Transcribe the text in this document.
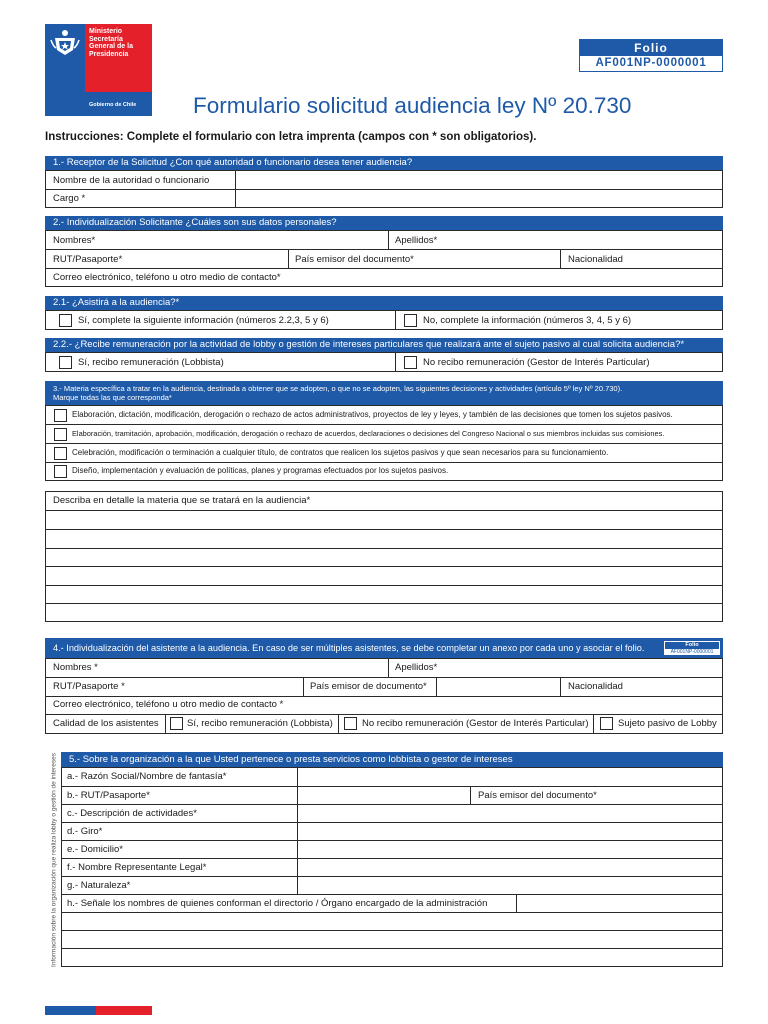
Ministerio
Secretaría
General de la
Presidencia
Gobierno de Chile
Folio
AF001NP-0000001
Formulario solicitud audiencia ley Nº 20.730
Instrucciones: Complete el formulario con letra imprenta (campos con * son obligatorios).
1.- Receptor de la Solicitud ¿Con qué autoridad o funcionario desea tener audiencia?
Nombre de la autoridad o funcionario
Cargo *
2.- Individualización Solicitante ¿Cuáles son sus datos personales?
Nombres*	Apellidos*
RUT/Pasaporte*	País emisor del documento*	Nacionalidad
Correo electrónico, teléfono u otro medio de contacto*
2.1- ¿Asistirá a la audiencia?*
Sí, complete la siguiente información (números 2.2,3, 5 y 6)	No, complete la información (números 3, 4, 5 y 6)
2.2.- ¿Recibe remuneración por la actividad de lobby o gestión de intereses particulares que realizará ante el sujeto pasivo al cual solicita audiencia?*
Sí, recibo remuneración (Lobbista)	No recibo remuneración (Gestor de Interés Particular)
3.- Materia específica a tratar en la audiencia, destinada a obtener que se adopten, o que no se adopten, las siguientes decisiones y actividades (artículo 5º ley Nº 20.730).
Marque todas las que corresponda*
Elaboración, dictación, modificación, derogación o rechazo de actos administrativos, proyectos de ley y leyes, y también de las decisiones que tomen los sujetos pasivos.
Elaboración, tramitación, aprobación, modificación, derogación o rechazo de acuerdos, declaraciones o decisiones del Congreso Nacional o sus miembros incluidas sus comisiones.
Celebración, modificación o terminación a cualquier título, de contratos que realicen los sujetos pasivos y que sean necesarios para su funcionamiento.
Diseño, implementación y evaluación de políticas, planes y programas efectuados por los sujetos pasivos.
Describa en detalle la materia que se tratará en la audiencia*
4.- Individualización del asistente a la audiencia. En caso de ser múltiples asistentes, se debe completar un anexo por cada uno y asociar el folio.	Folio
AF001NP-0000001
Nombres *	Apellidos*
RUT/Pasaporte *	País emisor de documento*	Nacionalidad
Correo electrónico, teléfono u otro medio de contacto *
Calidad de los asistentes	Sí, recibo remuneración (Lobbista)	No recibo remuneración (Gestor de Interés Particular)	Sujeto pasivo de Lobby
Información sobre la organización que realiza lobby o gestión de intereses	5.- Sobre la organización a la que Usted pertenece o presta servicios como lobbista o gestor de intereses
a.- Razón Social/Nombre de fantasía*
b.- RUT/Pasaporte*	País emisor del documento*
c.- Descripción de actividades*
d.- Giro*
e.- Domicilio*
f.- Nombre Representante Legal*
g.- Naturaleza*
h.- Señale los nombres de quienes conforman el directorio / Órgano encargado de la administración
